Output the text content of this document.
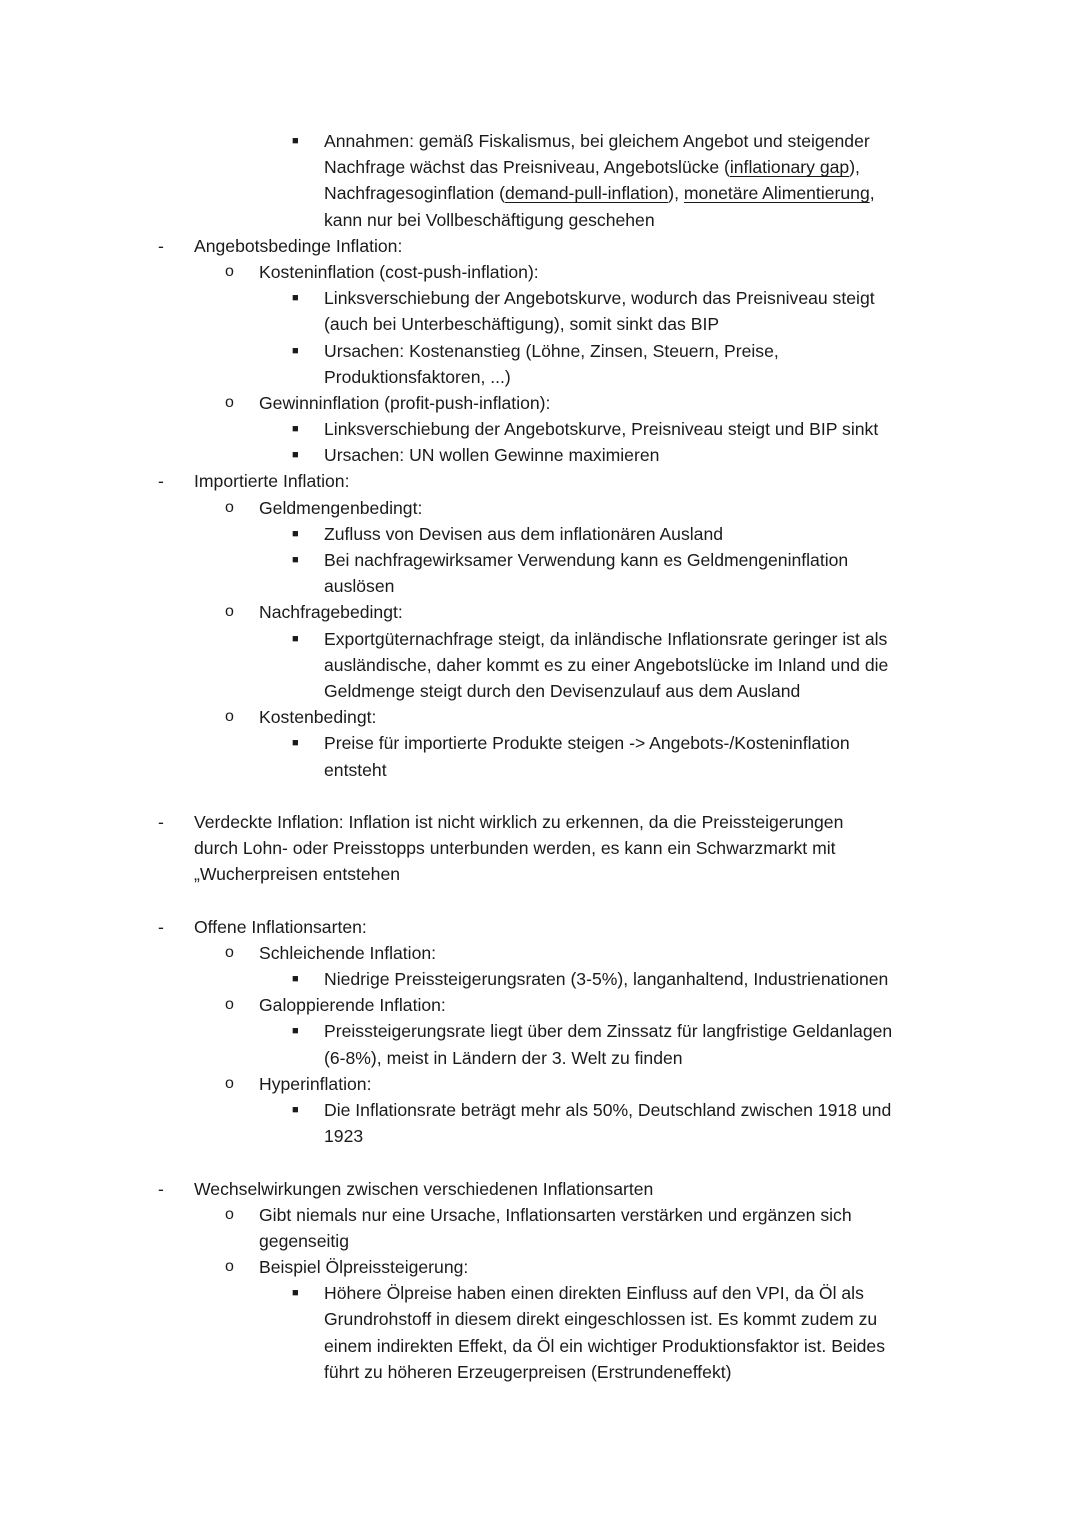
■ Annahmen: gemäß Fiskalismus, bei gleichem Angebot und steigender
Nachfrage wächst das Preisniveau, Angebotslücke (inflationary gap),
Nachfragesoginflation (demand-pull-inflation), monetäre Alimentierung,
kann nur bei Vollbeschäftigung geschehen
- Angebotsbedinge Inflation:
o Kosteninflation (cost-push-inflation):
■ Linksverschiebung der Angebotskurve, wodurch das Preisniveau steigt
(auch bei Unterbeschäftigung), somit sinkt das BIP
■ Ursachen: Kostenanstieg (Löhne, Zinsen, Steuern, Preise,
Produktionsfaktoren, ...)
o Gewinninflation (profit-push-inflation):
■ Linksverschiebung der Angebotskurve, Preisniveau steigt und BIP sinkt
■ Ursachen: UN wollen Gewinne maximieren
- Importierte Inflation:
o Geldmengenbedingt:
■ Zufluss von Devisen aus dem inflationären Ausland
■ Bei nachfragewirksamer Verwendung kann es Geldmengeninflation
auslösen
o Nachfragebedingt:
■ Exportgüternachfrage steigt, da inländische Inflationsrate geringer ist als
ausländische, daher kommt es zu einer Angebotslücke im Inland und die
Geldmenge steigt durch den Devisenzulauf aus dem Ausland
o Kostenbedingt:
■ Preise für importierte Produkte steigen -> Angebots-/Kosteninflation
entsteht
- Verdeckte Inflation: Inflation ist nicht wirklich zu erkennen, da die Preissteigerungen
durch Lohn- oder Preisstopps unterbunden werden, es kann ein Schwarzmarkt mit
„Wucherpreisen entstehen
- Offene Inflationsarten:
o Schleichende Inflation:
■ Niedrige Preissteigerungsraten (3-5%), langanhaltend, Industrienationen
o Galoppierende Inflation:
■ Preissteigerungsrate liegt über dem Zinssatz für langfristige Geldanlagen
(6-8%), meist in Ländern der 3. Welt zu finden
o Hyperinflation:
■ Die Inflationsrate beträgt mehr als 50%, Deutschland zwischen 1918 und
1923
- Wechselwirkungen zwischen verschiedenen Inflationsarten
o Gibt niemals nur eine Ursache, Inflationsarten verstärken und ergänzen sich
gegenseitig
o Beispiel Ölpreissteigerung:
■ Höhere Ölpreise haben einen direkten Einfluss auf den VPI, da Öl als
Grundrohstoff in diesem direkt eingeschlossen ist. Es kommt zudem zu
einem indirekten Effekt, da Öl ein wichtiger Produktionsfaktor ist. Beides
führt zu höheren Erzeugerpreisen (Erstrundeneffekt)
